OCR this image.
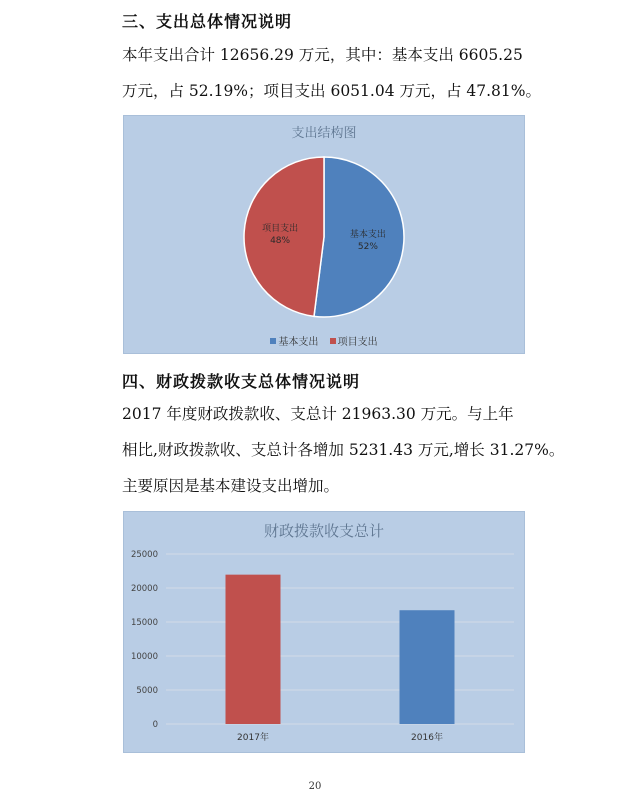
三、支出总体情况说明
本年支出合计 12656.29 万元，其中：基本支出 6605.25
万元，占 52.19%；项目支出 6051.04 万元，占 47.81%。
支出结构图
基本支出
52%
项目支出
48%
基本支出
项目支出
四、财政拨款收支总体情况说明
2017 年度财政拨款收、支总计 21963.30 万元。与上年
相比,财政拨款收、支总计各增加 5231.43 万元,增长 31.27%。
主要原因是基本建设支出增加。
财政拨款收支总计
0
5000
10000
15000
20000
25000
2017年	2016年
20
